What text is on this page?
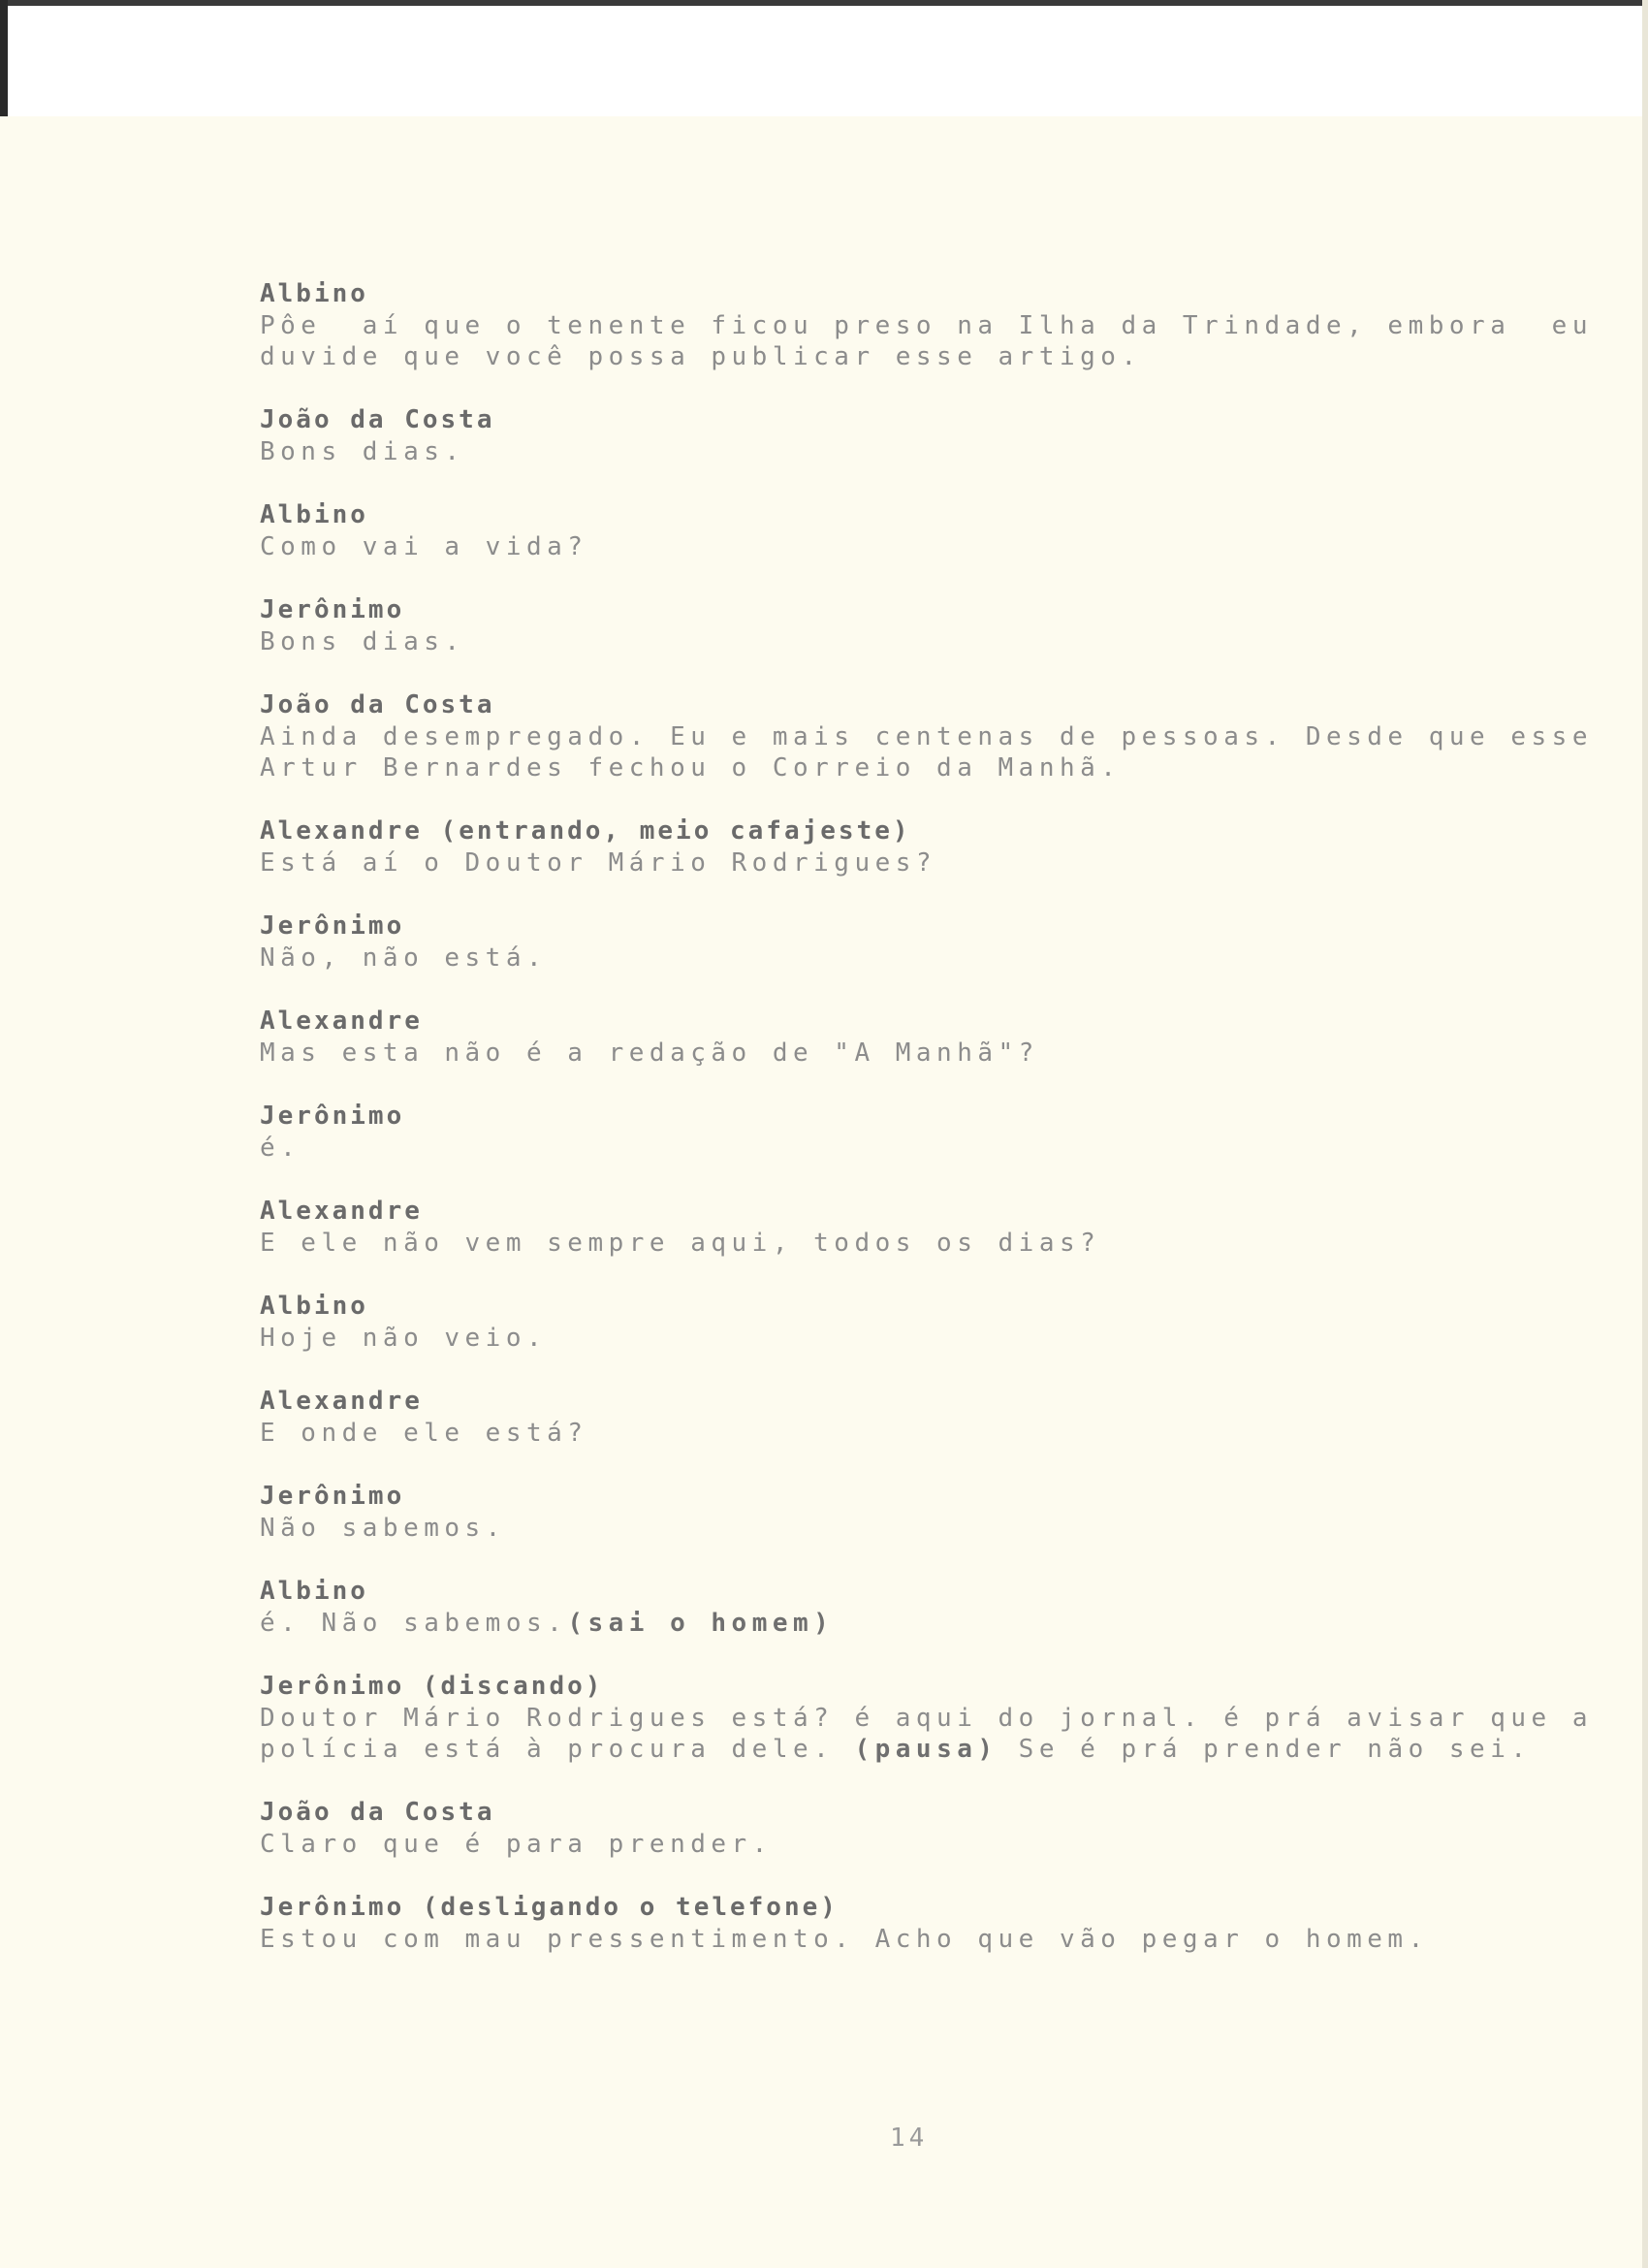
Albino
Pôe  aí que o tenente ficou preso na Ilha da Trindade, embora  eu
duvide que você possa publicar esse artigo.
João da Costa
Bons dias.
Albino
Como vai a vida?
Jerônimo
Bons dias.
João da Costa
Ainda desempregado. Eu e mais centenas de pessoas. Desde que esse
Artur Bernardes fechou o Correio da Manhã.
Alexandre (entrando, meio cafajeste)
Está aí o Doutor Mário Rodrigues?
Jerônimo
Não, não está.
Alexandre
Mas esta não é a redação de "A Manhã"?
Jerônimo
é.
Alexandre
E ele não vem sempre aqui, todos os dias?
Albino
Hoje não veio.
Alexandre
E onde ele está?
Jerônimo
Não sabemos.
Albino
é. Não sabemos.(sai o homem)
Jerônimo (discando)
Doutor Mário Rodrigues está? é aqui do jornal. é prá avisar que a
polícia está à procura dele. (pausa) Se é prá prender não sei.
João da Costa
Claro que é para prender.
Jerônimo (desligando o telefone)
Estou com mau pressentimento. Acho que vão pegar o homem.
14
